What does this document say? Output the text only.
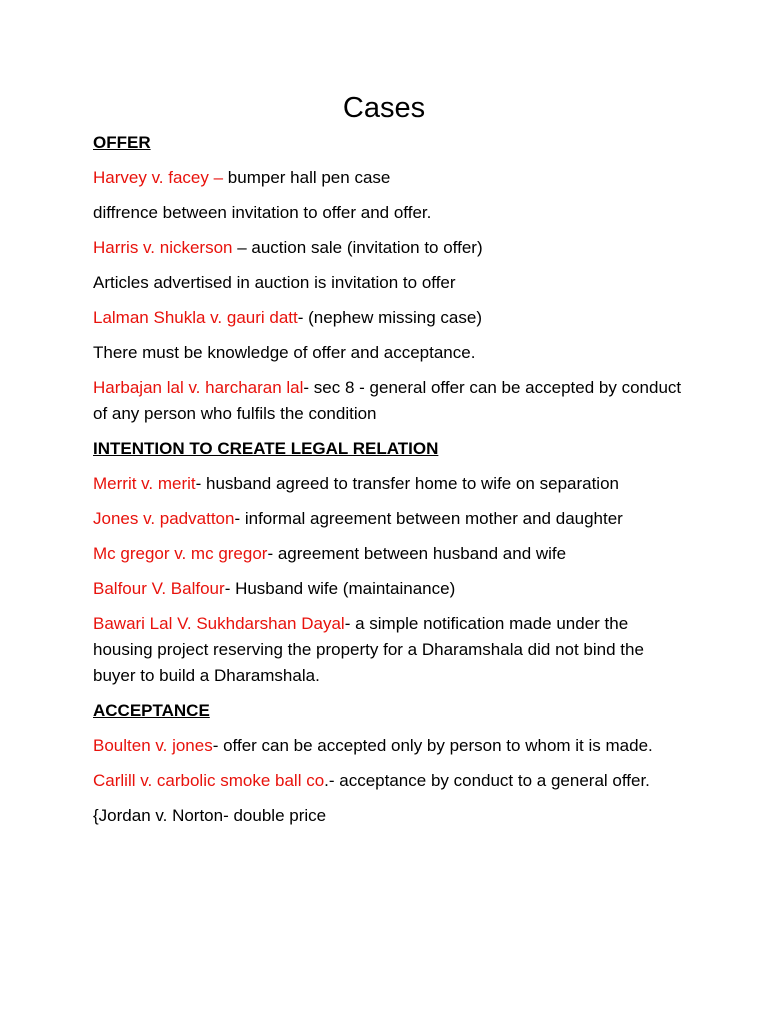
Cases
OFFER
Harvey v. facey – bumper hall pen case
diffrence between invitation to offer and offer.
Harris v. nickerson – auction sale (invitation to offer)
Articles advertised in auction is invitation to offer
Lalman Shukla v. gauri datt- (nephew missing case)
There must be knowledge of offer and acceptance.
Harbajan lal v. harcharan lal- sec 8 - general offer can be accepted by conduct of any person who fulfils the condition
INTENTION TO CREATE LEGAL RELATION
Merrit v. merit- husband agreed to transfer home to wife on separation
Jones v. padvatton- informal agreement between mother and daughter
Mc gregor v. mc gregor- agreement between husband and wife
Balfour V. Balfour- Husband wife (maintainance)
Bawari Lal V. Sukhdarshan Dayal- a simple notification made under the housing project reserving the property for a Dharamshala did not bind the buyer to build a Dharamshala.
ACCEPTANCE
Boulten v. jones- offer can be accepted only by person to whom it is made.
Carlill v. carbolic smoke ball co.- acceptance by conduct to a general offer.
{Jordan v. Norton- double price
